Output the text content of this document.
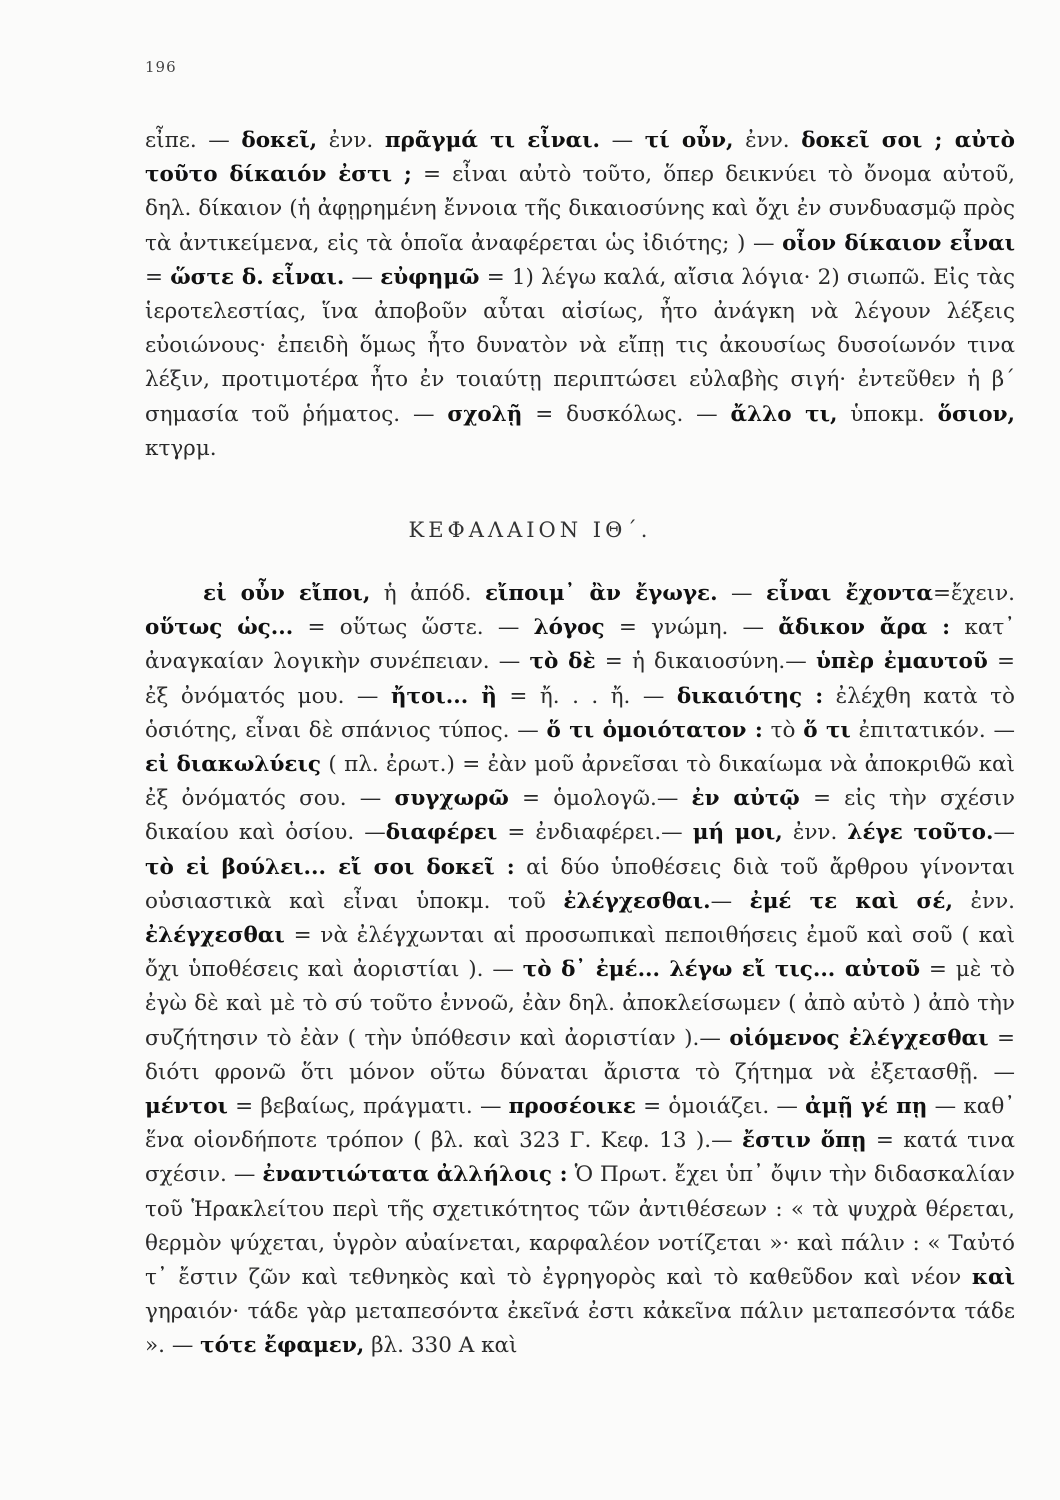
196

εἶπε. — δοκεῖ, ἐνν. πρᾶγμά τι εἶναι. — τί οὖν, ἐνν. δοκεῖ σοι ; αὐτὸ τοῦτο δίκαιόν ἐστι ; = εἶναι αὐτὸ τοῦτο, ὅπερ δεικνύει τὸ ὄνομα αὐτοῦ, δηλ. δίκαιον (ἡ ἀφῃρημένη ἔννοια τῆς δικαιοσύνης καὶ ὄχι ἐν συνδυασμῷ πρὸς τὰ ἀντικείμενα, εἰς τὰ ὁποῖα ἀναφέρεται ὡς ἰδιότης; ) — οἷον δίκαιον εἶναι = ὥστε δ. εἶναι. — εὐφημῶ = 1) λέγω καλά, αἴσια λόγια· 2) σιωπῶ. Εἰς τὰς ἱεροτελεστίας, ἵνα ἀποβοῦν αὗται αἰσίως, ἦτο ἀνάγκη νὰ λέγουν λέξεις εὐοιώνους· ἐπειδὴ ὅμως ἦτο δυνατὸν νὰ εἴπῃ τις ἀκουσίως δυσοίωνόν τινα λέξιν, προτιμοτέρα ἦτο ἐν τοιαύτῃ περιπτώσει εὐλαβὴς σιγή· ἐντεῦθεν ἡ β΄ σημασία τοῦ ῥήματος. — σχολῇ = δυσκόλως. — ἄλλο τι, ὑποκμ. ὅσιον, κτγρμ.

ΚΕΦΑΛΑΙΟΝ ΙΘ΄.

εἰ οὖν εἴποι, ἡ ἀπόδ. εἴποιμ᾽ ἂν ἔγωγε. — εἶναι ἔχοντα=ἔχειν. οὕτως ὡς... = οὕτως ὥστε. — λόγος = γνώμη. — ἄδικον ἄρα : κατ᾽ ἀναγκαίαν λογικὴν συνέπειαν. — τὸ δὲ = ἡ δικαιοσύνη.— ὑπὲρ ἐμαυτοῦ = ἐξ ὀνόματός μου. — ἤτοι... ἢ = ἤ. . . ἤ. — δικαιότης : ἐλέχθη κατὰ τὸ ὁσιότης, εἶναι δὲ σπάνιος τύπος. — ὅ τι ὁμοιότατον : τὸ ὅ τι ἐπιτατικόν. — εἰ διακωλύεις ( πλ. ἐρωτ.) = ἐὰν μοῦ ἀρνεῖσαι τὸ δικαίωμα νὰ ἀποκριθῶ καὶ ἐξ ὀνόματός σου. — συγχωρῶ = ὁμολογῶ.— ἐν αὐτῷ = εἰς τὴν σχέσιν δικαίου καὶ ὁσίου. —διαφέρει = ἐνδιαφέρει.— μή μοι, ἐνν. λέγε τοῦτο.— τὸ εἰ βούλει... εἴ σοι δοκεῖ : αἱ δύο ὑποθέσεις διὰ τοῦ ἄρθρου γίνονται οὐσιαστικὰ καὶ εἶναι ὑποκμ. τοῦ ἐλέγχεσθαι.— ἐμέ τε καὶ σέ, ἐνν. ἐλέγχεσθαι = νὰ ἐλέγχωνται αἱ προσωπικαὶ πεποιθήσεις ἐμοῦ καὶ σοῦ ( καὶ ὄχι ὑποθέσεις καὶ ἀοριστίαι ). — τὸ δ᾽ ἐμέ... λέγω εἴ τις... αὐτοῦ = μὲ τὸ ἐγὼ δὲ καὶ μὲ τὸ σύ τοῦτο ἐννοῶ, ἐὰν δηλ. ἀποκλείσωμεν ( ἀπὸ αὐτὸ ) ἀπὸ τὴν συζήτησιν τὸ ἐὰν ( τὴν ὑπόθεσιν καὶ ἀοριστίαν ).— οἰόμενος ἐλέγχεσθαι = διότι φρονῶ ὅτι μόνον οὕτω δύναται ἄριστα τὸ ζήτημα νὰ ἐξετασθῇ. — μέντοι = βεβαίως, πράγματι. — προσέοικε = ὁμοιάζει. — ἀμῇ γέ πῃ — καθ᾽ ἕνα οἱονδήποτε τρόπον ( βλ. καὶ 323 Γ. Κεφ. 13 ).— ἔστιν ὅπῃ = κατά τινα σχέσιν. — ἐναντιώτατα ἀλλήλοις : Ὁ Πρωτ. ἔχει ὑπ᾽ ὄψιν τὴν διδασκαλίαν τοῦ Ἡρακλείτου περὶ τῆς σχετικότητος τῶν ἀντιθέσεων : « τὰ ψυχρὰ θέρεται, θερμὸν ψύχεται, ὑγρὸν αὐαίνεται, καρφαλέον νοτίζεται »· καὶ πάλιν : « Ταὐτό τ᾽ ἔστιν ζῶν καὶ τεθνηκὸς καὶ τὸ ἐγρηγορὸς καὶ τὸ καθεῦδον καὶ νέον καὶ γηραιόν· τάδε γὰρ μεταπεσόντα ἐκεῖνά ἐστι κἀκεῖνα πάλιν μεταπεσόντα τάδε ». — τότε ἔφαμεν, βλ. 330 Α καὶ
